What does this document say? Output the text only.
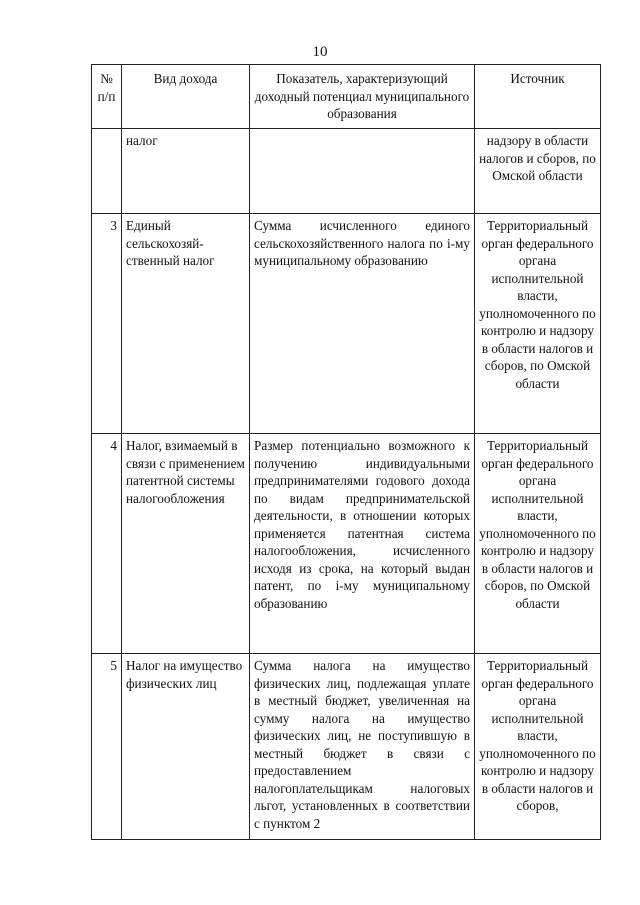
10
№ п/п	Вид дохода	Показатель, характеризующий доходный потенциал муниципального образования	Источник
	налог		надзору в области налогов и сборов, по Омской области
3	Единый сельскохозяй-ственный налог	Сумма исчисленного единого сельскохозяйственного налога по i-му муниципальному образованию	Территориальный орган федерального органа исполнительной власти, уполномоченного по контролю и надзору в области налогов и сборов, по Омской области
4	Налог, взимаемый в связи с применением патентной системы налогообложения	Размер потенциально возможного к получению индивидуальными предпринимателями годового дохода по видам предпринимательской деятельности, в отношении которых применяется патентная система налогообложения, исчисленного исходя из срока, на который выдан патент, по i-му муниципальному образованию	Территориальный орган федерального органа исполнительной власти, уполномоченного по контролю и надзору в области налогов и сборов, по Омской области
5	Налог на имущество физических лиц	Сумма налога на имущество физических лиц, подлежащая уплате в местный бюджет, увеличенная на сумму налога на имущество физических лиц, не поступившую в местный бюджет в связи с предоставлением налогоплательщикам налоговых льгот, установленных в соответствии с пунктом 2	Территориальный орган федерального органа исполнительной власти, уполномоченного по контролю и надзору в области налогов и сборов,
